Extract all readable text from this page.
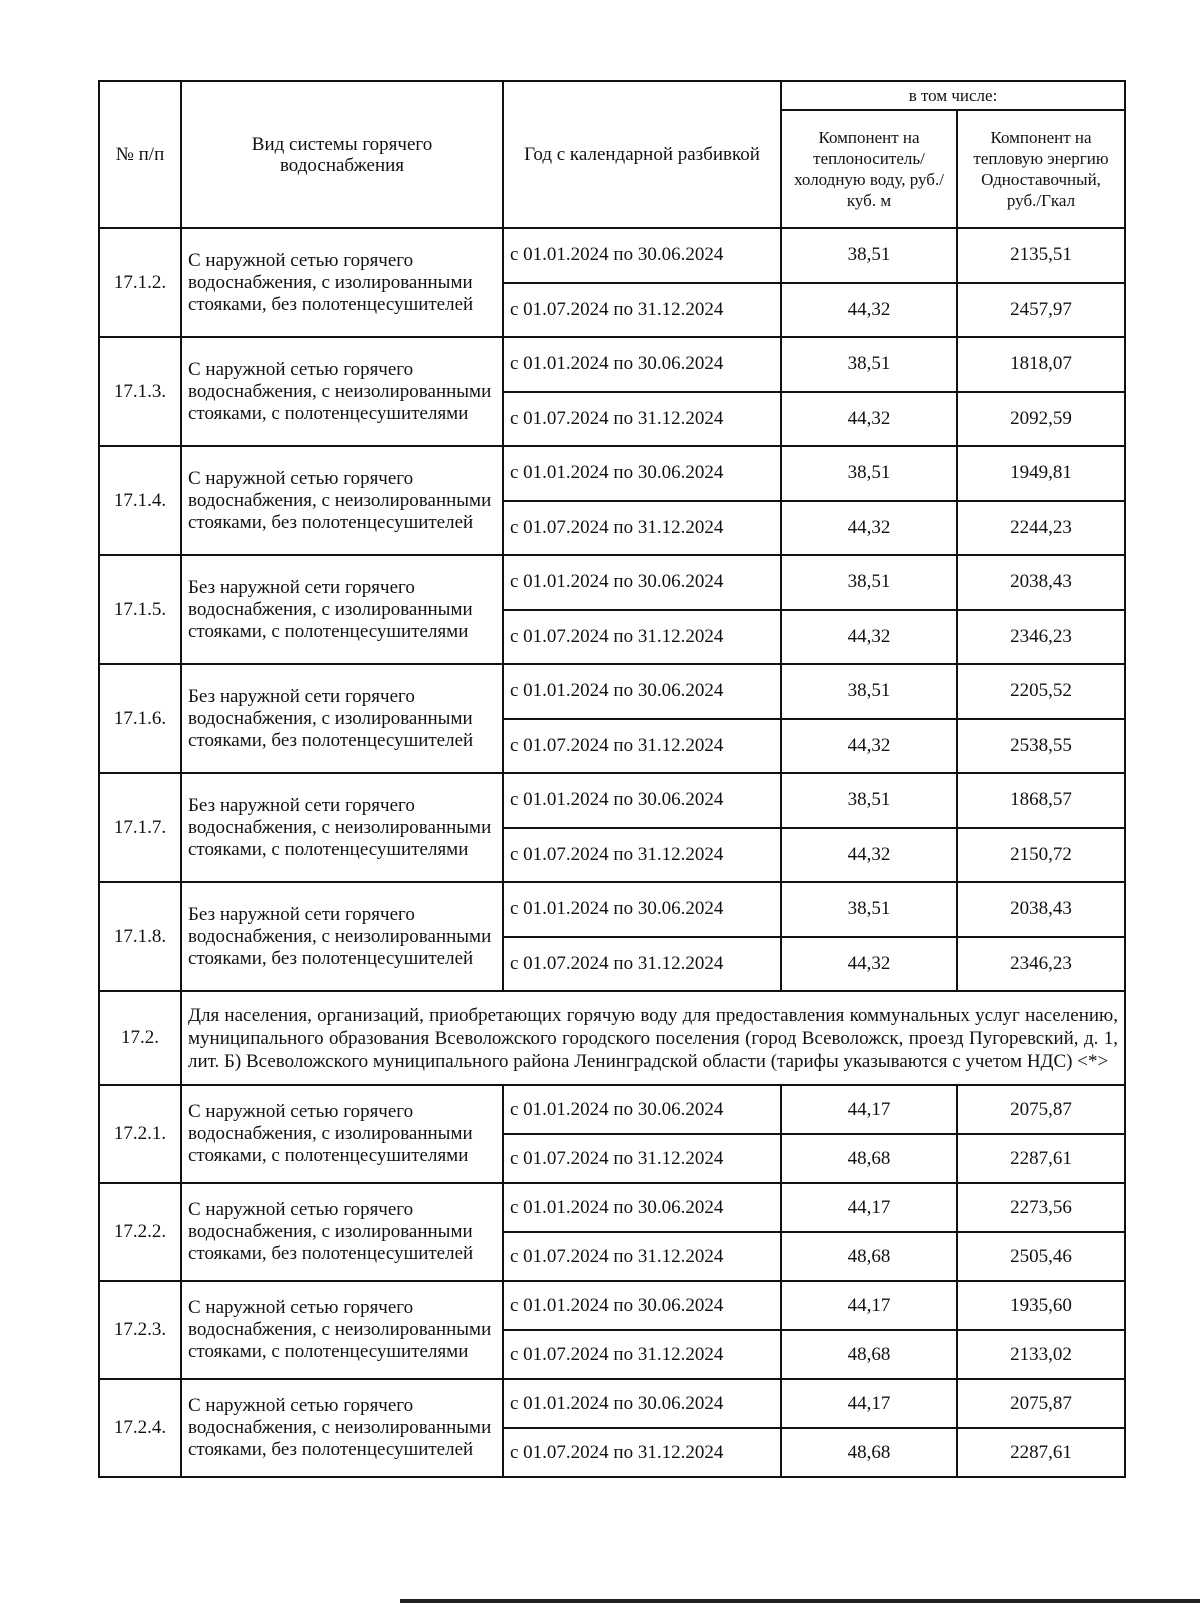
№ п/п	Вид системы горячего водоснабжения	Год с календарной разбивкой	в том числе:	
			Компонент на теплоноситель/ холодную воду, руб./куб. м	Компонент на тепловую энергию Одноставочный, руб./Гкал
17.1.2.	С наружной сетью горячего водоснабжения, с изолированными стояками, без полотенцесушителей	с 01.01.2024 по 30.06.2024	38,51	2135,51
		с 01.07.2024 по 31.12.2024	44,32	2457,97
17.1.3.	С наружной сетью горячего водоснабжения, с неизолированными стояками, с полотенцесушителями	с 01.01.2024 по 30.06.2024	38,51	1818,07
		с 01.07.2024 по 31.12.2024	44,32	2092,59
17.1.4.	С наружной сетью горячего водоснабжения, с неизолированными стояками, без полотенцесушителей	с 01.01.2024 по 30.06.2024	38,51	1949,81
		с 01.07.2024 по 31.12.2024	44,32	2244,23
17.1.5.	Без наружной сети горячего водоснабжения, с изолированными стояками, с полотенцесушителями	с 01.01.2024 по 30.06.2024	38,51	2038,43
		с 01.07.2024 по 31.12.2024	44,32	2346,23
17.1.6.	Без наружной сети горячего водоснабжения, с изолированными стояками, без полотенцесушителей	с 01.01.2024 по 30.06.2024	38,51	2205,52
		с 01.07.2024 по 31.12.2024	44,32	2538,55
17.1.7.	Без наружной сети горячего водоснабжения, с неизолированными стояками, с полотенцесушителями	с 01.01.2024 по 30.06.2024	38,51	1868,57
		с 01.07.2024 по 31.12.2024	44,32	2150,72
17.1.8.	Без наружной сети горячего водоснабжения, с неизолированными стояками, без полотенцесушителей	с 01.01.2024 по 30.06.2024	38,51	2038,43
		с 01.07.2024 по 31.12.2024	44,32	2346,23
17.2.	Для населения, организаций, приобретающих горячую воду для предоставления коммунальных услуг населению, муниципального образования Всеволожского городского поселения (город Всеволожск, проезд Пугоревский, д. 1, лит. Б) Всеволожского муниципального района Ленинградской области (тарифы указываются с учетом НДС) <*>			
17.2.1.	С наружной сетью горячего водоснабжения, с изолированными стояками, с полотенцесушителями	с 01.01.2024 по 30.06.2024	44,17	2075,87
		с 01.07.2024 по 31.12.2024	48,68	2287,61
17.2.2.	С наружной сетью горячего водоснабжения, с изолированными стояками, без полотенцесушителей	с 01.01.2024 по 30.06.2024	44,17	2273,56
		с 01.07.2024 по 31.12.2024	48,68	2505,46
17.2.3.	С наружной сетью горячего водоснабжения, с неизолированными стояками, с полотенцесушителями	с 01.01.2024 по 30.06.2024	44,17	1935,60
		с 01.07.2024 по 31.12.2024	48,68	2133,02
17.2.4.	С наружной сетью горячего водоснабжения, с неизолированными стояками, без полотенцесушителей	с 01.01.2024 по 30.06.2024	44,17	2075,87
		с 01.07.2024 по 31.12.2024	48,68	2287,61
